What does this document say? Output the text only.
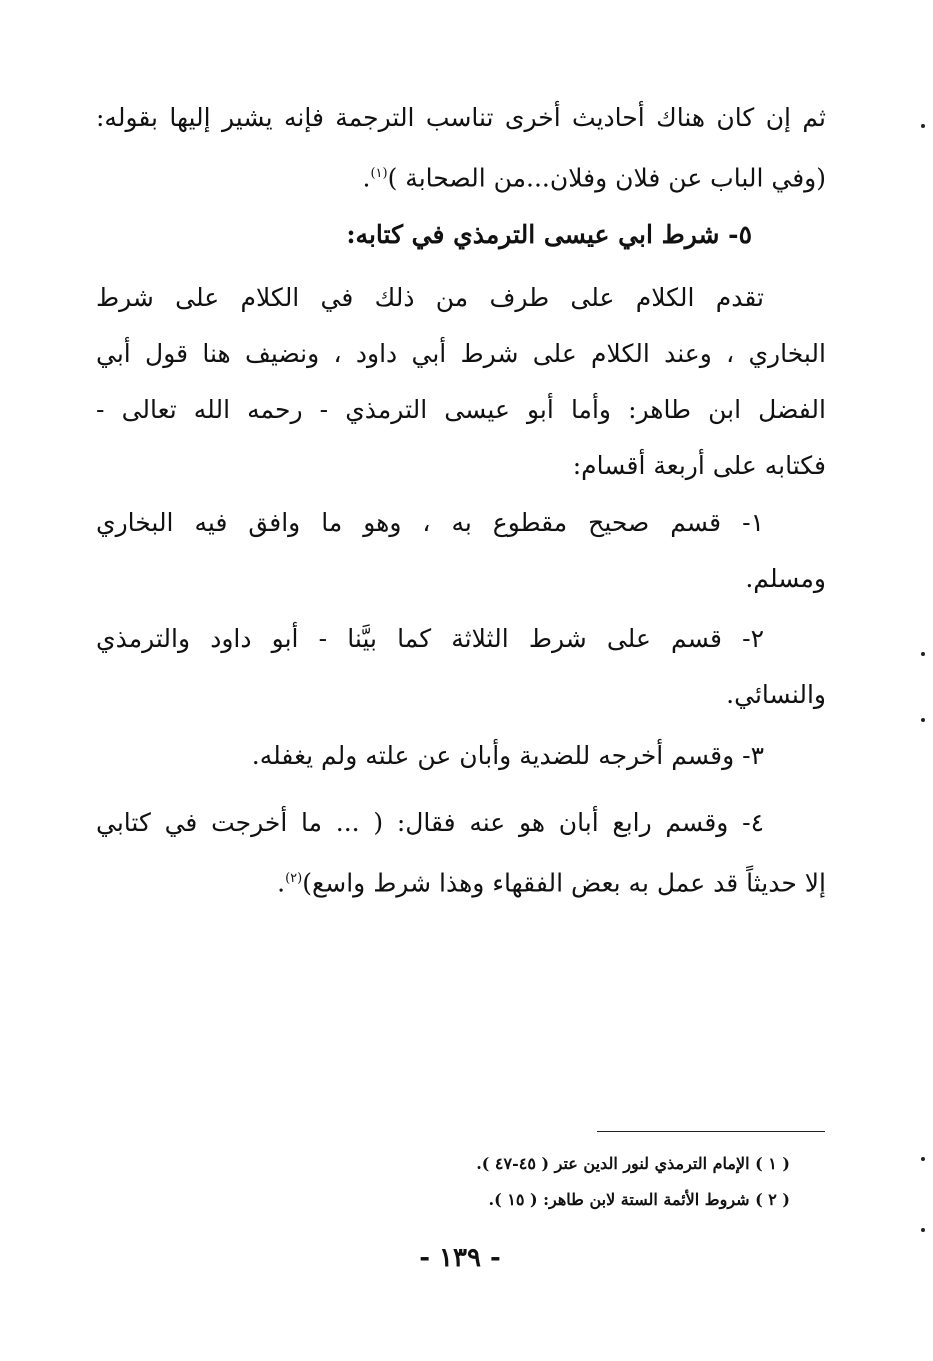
ثم إن كان هناك أحاديث أخرى تناسب الترجمة فإنه يشير إليها بقوله:
(وفي الباب عن فلان وفلان...من الصحابة )$^{(١)}$.
٥- شرط ابي عيسى الترمذي في كتابه:
تقدم الكلام على طرف من ذلك في الكلام على شرط
البخاري ، وعند الكلام على شرط أبي داود ، ونضيف هنا قول أبي
الفضل ابن طاهر: وأما أبو عيسى الترمذي - رحمه الله تعالى -
فكتابه على أربعة أقسام:
١- قسم صحيح مقطوع به ، وهو ما وافق فيه البخاري
ومسلم.
٢- قسم على شرط الثلاثة كما بيَّنا - أبو داود والترمذي
والنسائي.
٣- وقسم أخرجه للضدية وأبان عن علته ولم يغفله.
٤- وقسم رابع أبان هو عنه فقال: ( ... ما أخرجت في كتابي
إلا حديثاً قد عمل به بعض الفقهاء وهذا شرط واسع)$^{(٢)}$.
( ١ ) الإمام الترمذي لنور الدين عتر ( ٤٥-٤٧ ).
( ٢ ) شروط الأئمة الستة لابن طاهر: ( ١٥ ).
- ١٣٩ -
